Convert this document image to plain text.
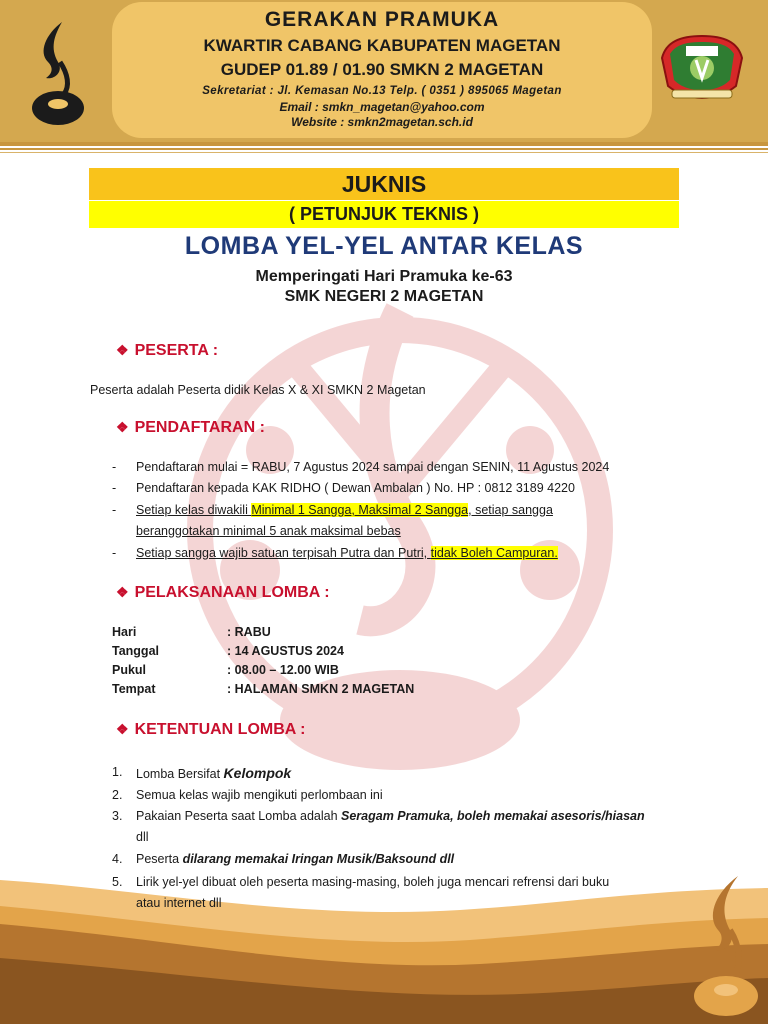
GERAKAN PRAMUKA
KWARTIR CABANG KABUPATEN MAGETAN
GUDEP 01.89 / 01.90 SMKN 2 MAGETAN
Sekretariat : Jl. Kemasan No.13 Telp. ( 0351 ) 895065 Magetan
Email : smkn_magetan@yahoo.com
Website : smkn2magetan.sch.id
JUKNIS
( PETUNJUK TEKNIS )
LOMBA YEL-YEL ANTAR KELAS
Memperingati Hari Pramuka ke-63
SMK NEGERI 2 MAGETAN
❖ PESERTA :
Peserta adalah Peserta didik Kelas X & XI SMKN 2 Magetan
❖ PENDAFTARAN :
- Pendaftaran mulai = RABU, 7 Agustus 2024 sampai dengan SENIN, 11 Agustus 2024
- Pendaftaran kepada KAK RIDHO ( Dewan Ambalan ) No. HP : 0812 3189 4220
- Setiap kelas diwakili Minimal 1 Sangga, Maksimal 2 Sangga, setiap sangga
beranggotakan minimal 5 anak maksimal bebas
- Setiap sangga wajib satuan terpisah Putra dan Putri, tidak Boleh Campuran.
❖ PELAKSANAAN LOMBA :
Hari	: RABU
Tanggal	: 14 AGUSTUS 2024
Pukul	: 08.00 – 12.00 WIB
Tempat	: HALAMAN SMKN 2 MAGETAN
❖ KETENTUAN LOMBA :
1. Lomba Bersifat Kelompok
2. Semua kelas wajib mengikuti perlombaan ini
3. Pakaian Peserta saat Lomba adalah Seragam Pramuka, boleh memakai asesoris/hiasan
dll
4. Peserta dilarang memakai Iringan Musik/Baksound dll
5. Lirik yel-yel dibuat oleh peserta masing-masing, boleh juga mencari refrensi dari buku
atau internet dll
